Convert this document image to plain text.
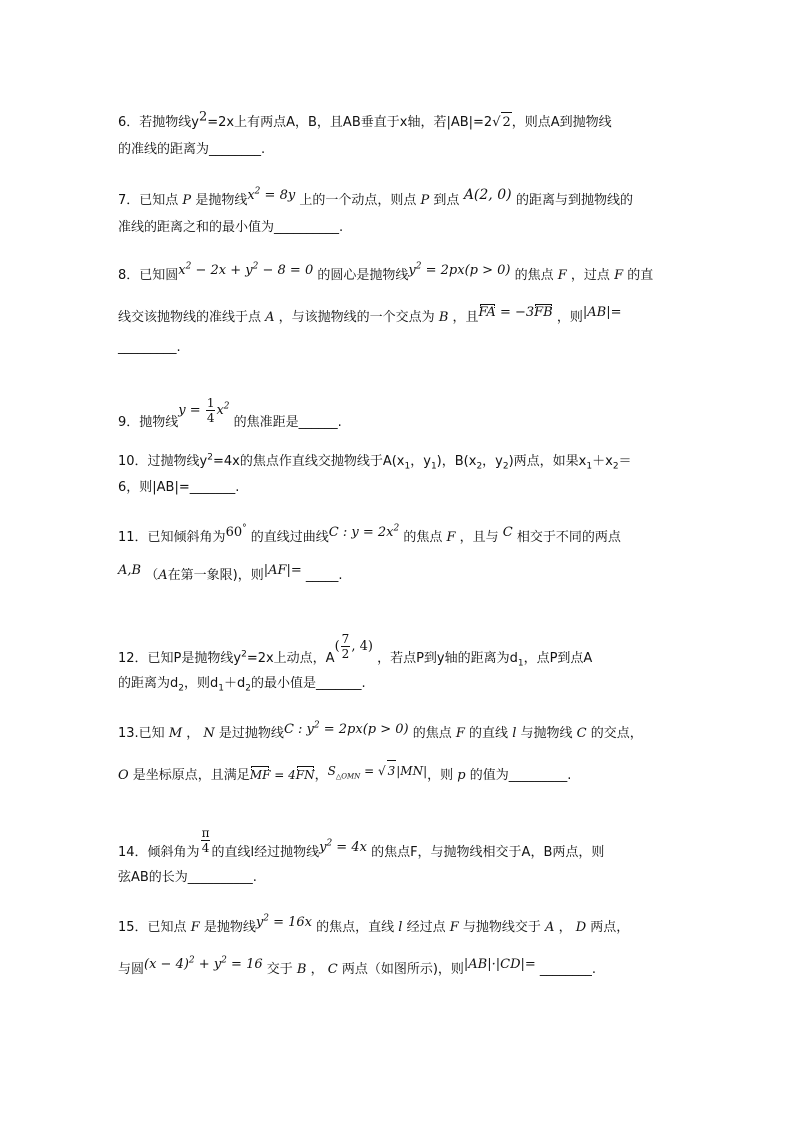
6．若抛物线$y^2=2x$上有两点A，B，且AB垂直于x轴，若|AB|=2√ 2，则点A到抛物线
的准线的距离为________.
7．已知点 P 是抛物线$x^2 = 8y$ 上的一个动点，则点 P 到点 A(2, 0) 的距离与到抛物线的
准线的距离之和的最小值为__________.
8．已知圆$x^2 - 2x + y^2 - 8 = 0$ 的圆心是抛物线$y^2 = 2px(p > 0)$ 的焦点 F ，过点 F 的直
线交该抛物线的准线于点 A ，与该抛物线的一个交点为 B ，且FA = −3FB ，则|AB|=
_________.
9．抛物线$y = \frac{1}{4} x^2$ 的焦准距是______.
10．过抛物线$y^2=4x$的焦点作直线交抛物线于$A(x_1$，$y_1$)，$B(x_2$，$y_2$)两点，如果$x_1+x_2=$
6，则|AB|=_______.
11．已知倾斜角为60° 的直线过曲线C : $y = 2x^2$ 的焦点 F ，且与 C 相交于不同的两点
A,B （A在第一象限)，则|AF|= _____.
12．已知P是抛物线$y^2=2x$上动点，$A( \frac{7}{2}$ , 4) ，若点P到y轴的距离为$d_1$，点P到点A
的距离为$d_2$，则$d_1+d_2$的最小值是_______.
13.已知 M ， N 是过抛物线C : $y^2 = 2px(p > 0)$ 的焦点 F 的直线 l 与抛物线 C 的交点，
O 是坐标原点，且满足MF = 4FN，$S_{\triangle OMN}$ = √ 3|MN|，则 p 的值为_________.
14．倾斜角为 $\frac{\pi}{4}$ 的直线l经过抛物线$y^2 = 4x$ 的焦点F，与抛物线相交于A，B两点，则
弦AB的长为__________.
15．已知点 F 是抛物线$y^2 = 16x$ 的焦点，直线 l 经过点 F 与抛物线交于 A ， D 两点，
与圆$(x - 4)^2 + y^2 = 16$ 交于 B ， C 两点（如图所示)，则|AB|·|CD|= ________.
